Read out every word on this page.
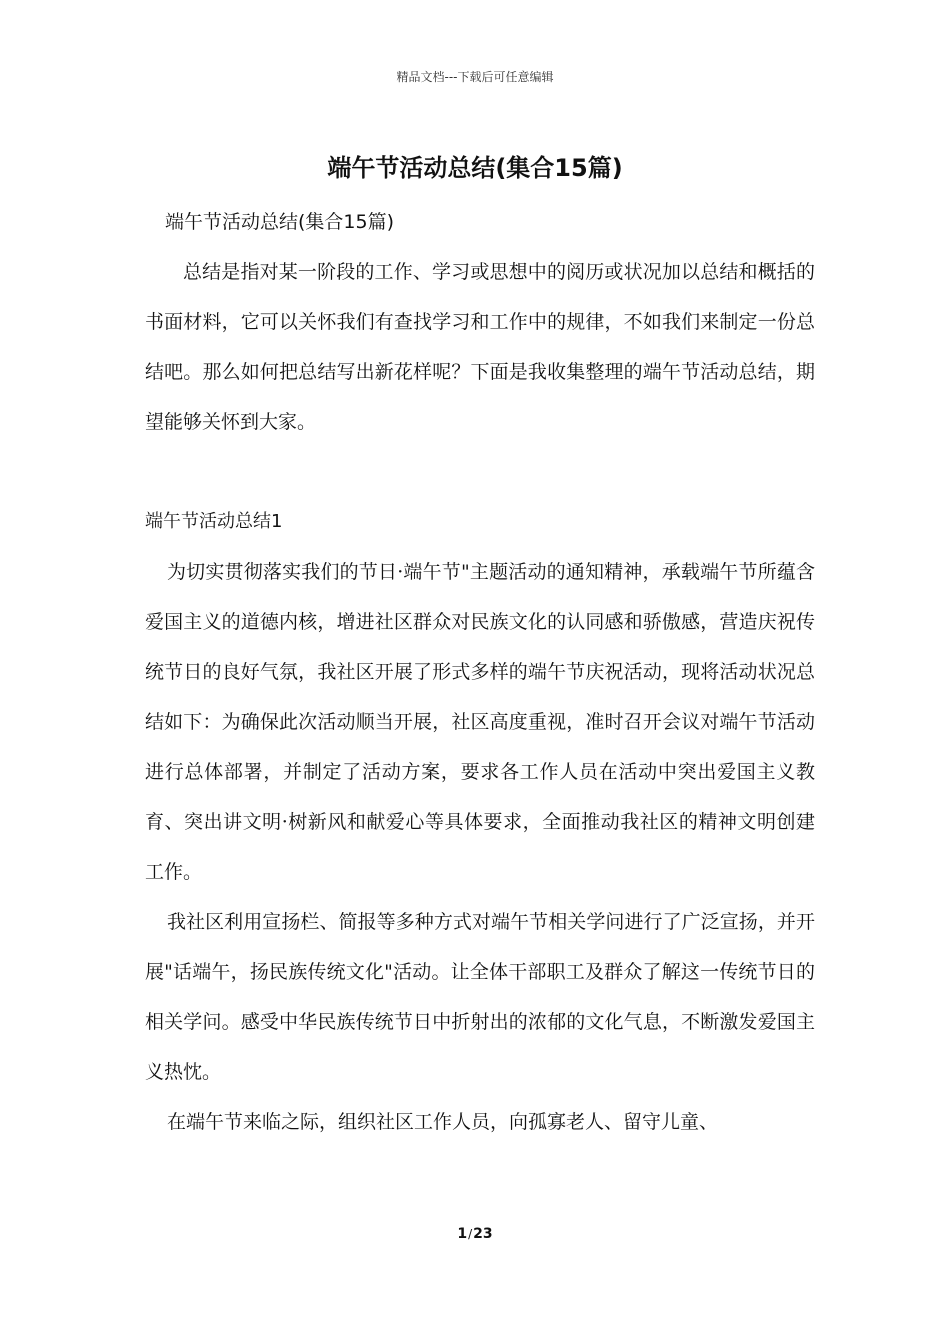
精品文档---下载后可任意编辑
端午节活动总结(集合15篇)

端午节活动总结(集合15篇)

总结是指对某一阶段的工作、学习或思想中的阅历或状况加以总结和概括的书面材料，它可以关怀我们有查找学习和工作中的规律，不如我们来制定一份总结吧。那么如何把总结写出新花样呢？下面是我收集整理的端午节活动总结，期望能够关怀到大家。

端午节活动总结1

为切实贯彻落实我们的节日·端午节"主题活动的通知精神，承载端午节所蕴含爱国主义的道德内核，增进社区群众对民族文化的认同感和骄傲感，营造庆祝传统节日的良好气氛，我社区开展了形式多样的端午节庆祝活动，现将活动状况总结如下：为确保此次活动顺当开展，社区高度重视，准时召开会议对端午节活动进行总体部署，并制定了活动方案，要求各工作人员在活动中突出爱国主义教育、突出讲文明·树新风和献爱心等具体要求，全面推动我社区的精神文明创建工作。

我社区利用宣扬栏、简报等多种方式对端午节相关学问进行了广泛宣扬，并开展"话端午，扬民族传统文化"活动。让全体干部职工及群众了解这一传统节日的相关学问。感受中华民族传统节日中折射出的浓郁的文化气息，不断激发爱国主义热忱。

在端午节来临之际，组织社区工作人员，向孤寡老人、留守儿童、

1/23
